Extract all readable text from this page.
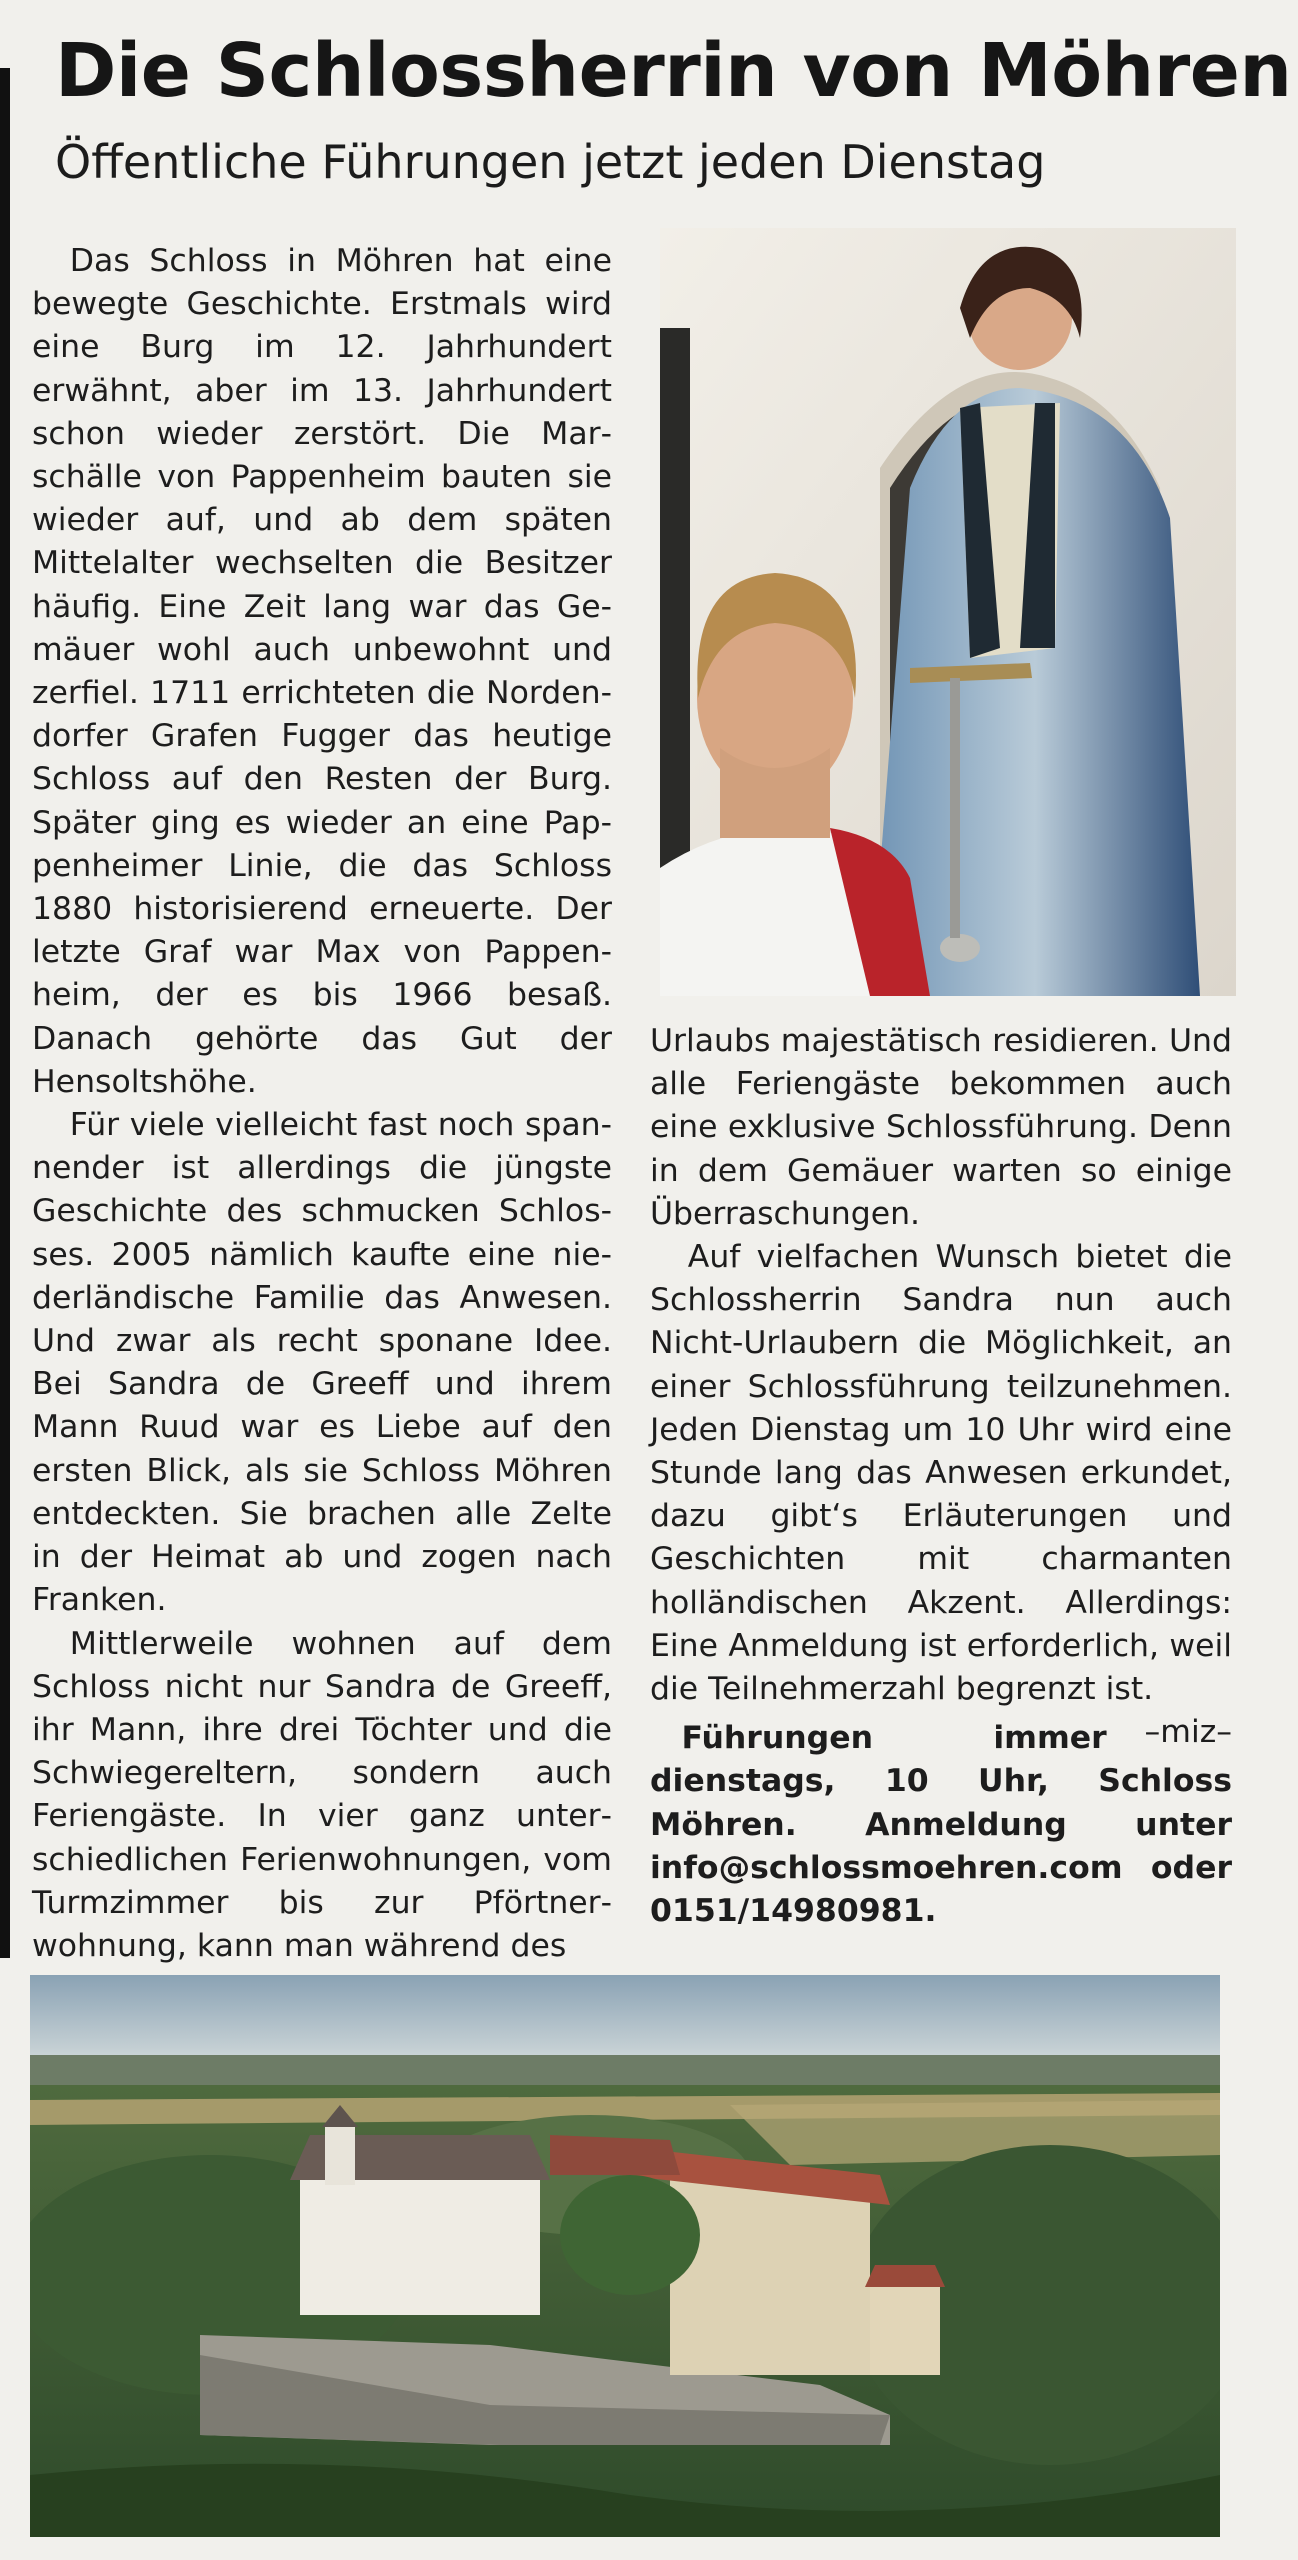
Die Schlossherrin von Möhren
Öffentliche Führungen jetzt jeden Dienstag

Das Schloss in Möhren hat eine bewegte Geschichte. Erstmals wird eine Burg im 12. Jahrhundert erwähnt, aber im 13. Jahrhundert schon wieder zerstört. Die Marschälle von Pappenheim bauten sie wieder auf, und ab dem späten Mittelalter wechselten die Besitzer häufig. Eine Zeit lang war das Gemäuer wohl auch unbewohnt und zerfiel. 1711 errichteten die Nordendorfer Grafen Fugger das heutige Schloss auf den Resten der Burg. Später ging es wieder an eine Pappenheimer Linie, die das Schloss 1880 historisierend erneuerte. Der letzte Graf war Max von Pappenheim, der es bis 1966 besaß. Danach gehörte das Gut der Hensoltshöhe.

Für viele vielleicht fast noch spannender ist allerdings die jüngste Geschichte des schmucken Schlosses. 2005 nämlich kaufte eine niederländische Familie das Anwesen. Und zwar als recht sponane Idee. Bei Sandra de Greeff und ihrem Mann Ruud war es Liebe auf den ersten Blick, als sie Schloss Möhren entdeckten. Sie brachen alle Zelte in der Heimat ab und zogen nach Franken.

Mittlerweile wohnen auf dem Schloss nicht nur Sandra de Greeff, ihr Mann, ihre drei Töchter und die Schwiegereltern, sondern auch Feriengäste. In vier ganz unterschiedlichen Ferienwohnungen, vom Turmzimmer bis zur Pförtnerwohnung, kann man während des

Urlaubs majestätisch residieren. Und alle Feriengäste bekommen auch eine exklusive Schlossführung. Denn in dem Gemäuer warten so einige Überraschungen.

Auf vielfachen Wunsch bietet die Schlossherrin Sandra nun auch Nicht-Urlaubern die Möglichkeit, an einer Schlossführung teilzunehmen. Jeden Dienstag um 10 Uhr wird eine Stunde lang das Anwesen erkundet, dazu gibt‘s Erläuterungen und Geschichten mit charmanten holländischen Akzent. Allerdings: Eine Anmeldung ist erforderlich, weil die Teilnehmerzahl begrenzt ist.
–miz–

Führungen immer dienstags, 10 Uhr, Schloss Möhren. Anmeldung unter info@schlossmoehren.com oder 0151/14980981.
